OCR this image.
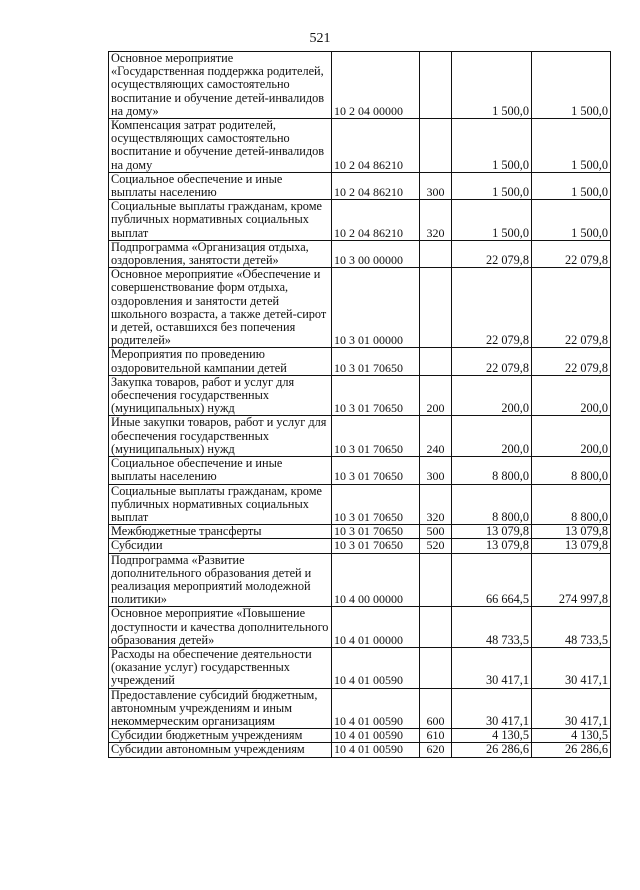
521
Основное мероприятие «Государственная поддержка родителей, осуществляющих самостоятельно воспитание и обучение детей-инвалидов на дому»	10 2 04 00000		1 500,0	1 500,0
Компенсация затрат родителей, осуществляющих самостоятельно воспитание и обучение детей-инвалидов на дому	10 2 04 86210		1 500,0	1 500,0
Социальное обеспечение и иные выплаты населению	10 2 04 86210	300	1 500,0	1 500,0
Социальные выплаты гражданам, кроме публичных нормативных социальных выплат	10 2 04 86210	320	1 500,0	1 500,0
Подпрограмма «Организация отдыха, оздоровления, занятости детей»	10 3 00 00000		22 079,8	22 079,8
Основное мероприятие «Обеспечение и совершенствование форм отдыха, оздоровления и занятости детей школьного возраста, а также детей-сирот и детей, оставшихся без попечения родителей»	10 3 01 00000		22 079,8	22 079,8
Мероприятия по проведению оздоровительной кампании детей	10 3 01 70650		22 079,8	22 079,8
Закупка товаров, работ и услуг для обеспечения государственных (муниципальных) нужд	10 3 01 70650	200	200,0	200,0
Иные закупки товаров, работ и услуг для обеспечения государственных (муниципальных) нужд	10 3 01 70650	240	200,0	200,0
Социальное обеспечение и иные выплаты населению	10 3 01 70650	300	8 800,0	8 800,0
Социальные выплаты гражданам, кроме публичных нормативных социальных выплат	10 3 01 70650	320	8 800,0	8 800,0
Межбюджетные трансферты	10 3 01 70650	500	13 079,8	13 079,8
Субсидии	10 3 01 70650	520	13 079,8	13 079,8
Подпрограмма «Развитие дополнительного образования детей и реализация мероприятий молодежной политики»	10 4 00 00000		66 664,5	274 997,8
Основное мероприятие «Повышение доступности и качества дополнительного образования детей»	10 4 01 00000		48 733,5	48 733,5
Расходы на обеспечение деятельности (оказание услуг) государственных учреждений	10 4 01 00590		30 417,1	30 417,1
Предоставление субсидий бюджетным, автономным учреждениям и иным некоммерческим организациям	10 4 01 00590	600	30 417,1	30 417,1
Субсидии бюджетным учреждениям	10 4 01 00590	610	4 130,5	4 130,5
Субсидии автономным учреждениям	10 4 01 00590	620	26 286,6	26 286,6
